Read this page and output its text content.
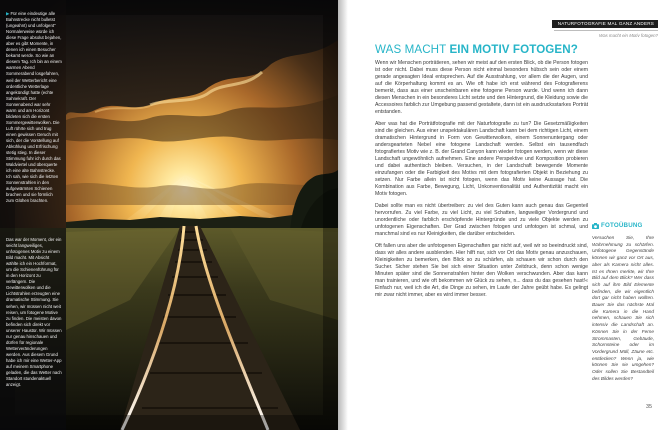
▶Für eine eindeutige alle Bahnstrecke nicht bulletst (ungeahnt) und unfolgent" Normalerweise würde ich diese Frage absolut bejahen, aber es gibt Momente, in denen ich einen Besucher bekamt werde. So wie an diesem Tag. Ich bin an einem warmen Abend Sommerabend losgefahren, weil der Wetterbericht eine ordentliche Wetterlage angekündigt hatte (echte Sahnekraft. Der Sonnenabend war sehr warm und am Horizont bildeten sich die ersten Sommergewitterwolken. Die Luft rührte sich und trug einen gewissen Geruch mit sich, der die Vorstellung auf Abkühlung und Erfrischung stetig stieg. In dieser Stimmung fuhr ich durch das Waldviertel und überquerte ich eine alte Bahnstrecke. Ich sah, wie sich die letzten Sonnenstrahlen in den aufgewärmten Schienen brachen und sie förmlich zum Glühen brachten.
Das war der Moment, der ein seicht langweiliges, unfotogenes Motiv zu einem Bild macht. Mit Absicht wählte ich ein Hochformat, um die Schienenführung für in den Horizont zu verlängern. Die Gewitterwolken und die Lichtstrahlen erzeugten eine dramatische Stimmung. Sie sehen, wir müssen nicht weit reisen, um fotogene Motive zu finden. Die meisten davon befinden sich direkt vor unserer Haustür. Wir müssen nur genau hinschauen und dürfen für regionale Wetterveränderungen werden. Aus diesem Grund habe ich mir eine Wetter-App auf meinem Smartphone geladen, die das Wetter nach Standort stundenaktuell anzeigt.
NATURFOTOGRAFIE MAL GANZ ANDERS
Was macht ein Motiv fotogen?
WAS MACHT EIN MOTIV FOTOGEN?

Wenn wir Menschen porträtieren, sehen wir meist auf den ersten Blick, ob die Person fotogen ist oder nicht. Dabei muss diese Person nicht einmal besonders hübsch sein oder einem gerade angesagten Ideal entsprechen. Auf die Ausstrahlung, vor allem die der Augen, und auf die Körperhaltung kommt es an. Wie oft habe ich erst während des Fotografierens bemerkt, dass aus einer unscheinbaren eine fotogene Person wurde. Und wenn ich dann diesen Menschen in ein besonderes Licht setzte und den Hintergrund, die Kleidung sowie die Accessoires farblich zur Umgebung passend gestaltete, dann ist ein ausdrucksstarkes Porträt entstanden.

Aber was hat die Porträtfotografie mit der Naturfotografie zu tun? Die Gesetzmäßigkeiten sind die gleichen. Aus einer unspektakulären Landschaft kann bei dem richtigen Licht, einem dramatischen Hintergrund in Form von Gewitterwolken, einem Sonnenuntergang oder andersgearteten Nebel eine fotogene Landschaft werden. Selbst ein tausendfach fotografiertes Motiv wie z. B. der Grand Canyon kann wieder fotogen werden, wenn wir diese Landschaft ungewöhnlich aufnehmen. Eine andere Perspektive und Komposition probieren und dabei authentisch bleiben. Versuchen, in der Landschaft bewegende Momente einzufangen oder die Farbigkeit des Motivs mit dem fotografierten Objekt in Beziehung zu setzen. Nur Farbe allein ist nicht fotogen, wenn das Motiv keine Aussage hat. Die Kombination aus Farbe, Bewegung, Licht, Unkonventionalität und Authentizität macht ein Motiv fotogen.

Dabei sollte man es nicht übertreiben: zu viel des Guten kann auch genau das Gegenteil hervorrufen. Zu viel Farbe, zu viel Licht, zu viel Schatten, langweiliger Vordergrund und unordentliche oder farblich erschöpfende Hintergründe und zu viele Objekte werden zu unfotogenen Eigenschaften. Der Grad zwischen fotogen und unfotogen ist schmal, und manchmal sind es nur Kleinigkeiten, die darüber entscheiden.

Oft fallen uns aber die unfotogenen Eigenschaften gar nicht auf, weil wir so beeindruckt sind, dass wir alles andere ausblenden. Hier hilft nur, sich vor Ort das Motiv genau anzuschauen, Kleinigkeiten zu bemerken, den Blick so zu schärfen, als schauen wir schon durch den Sucher. Sicher stehen Sie bei sich einer Situation unter Zeitdruck, denn schon wenige Minuten später sind die Sonnenstrahlen hinter den Wolken verschwunden. Aber das kann man trainieren, und wie oft bekommen wir Glück zu sehen, n... dass du das gesehen hast!« Einfach nur, weil ich die Art, die Dinge zu sehen, im Laufe der Jahre geübt habe. Es gelingt mir zwar nicht immer, aber es wird immer besser.

FOTOÜBUNG
Versuchen Sie, Ihre Wahrnehmung zu schärfen. Unfotogene Gegenstände können wir ganz vor Ort aus, aber als Kamera nicht alles. Ist es Ihnen merkte, wir Ihre Bild auf dem Blick? Wer dass sich auf ihm Bild Elemente befinden, die wir eigentlich dort gar nicht haben wollten. Bauer Sie das nächste Mal die Kamera in die Hand nehmen, schauen Sie sich intensiv die Landschaft an. Können Sie in der Ferne Strommasten, Gebäude, Schornsteine oder im Vordergrund Müll, Zäune etc. entdecken? Wenn ja, wie können Sie sie umgehen? Oder sollen Sie Bestandteil des Bildes werden?
35
